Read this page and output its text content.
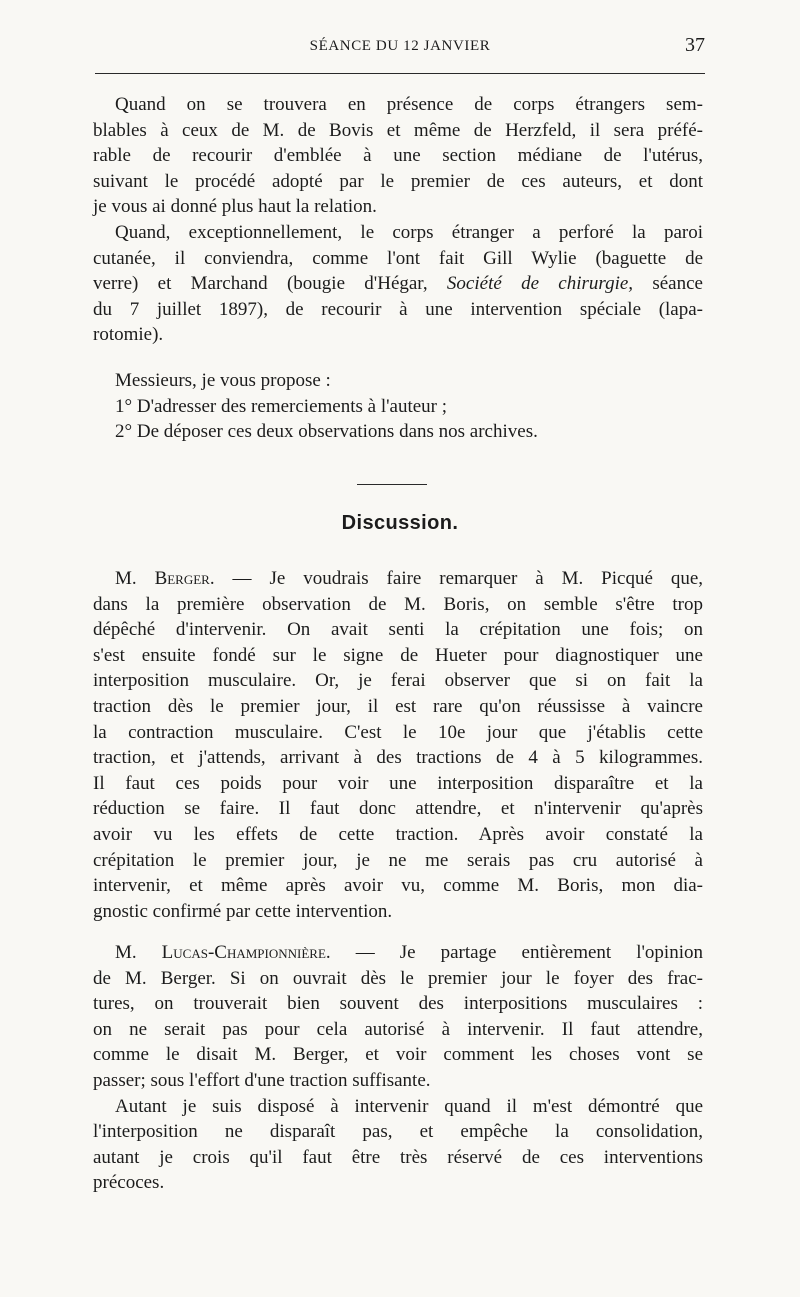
SÉANCE DU 12 JANVIER	37
Quand on se trouvera en présence de corps étrangers sem-
blables à ceux de M. de Bovis et même de Herzfeld, il sera préfé-
rable de recourir d'emblée à une section médiane de l'utérus,
suivant le procédé adopté par le premier de ces auteurs, et dont
je vous ai donné plus haut la relation.
Quand, exceptionnellement, le corps étranger a perforé la paroi
cutanée, il conviendra, comme l'ont fait Gill Wylie (baguette de
verre) et Marchand (bougie d'Hégar, Société de chirurgie, séance
du 7 juillet 1897), de recourir à une intervention spéciale (lapa-
rotomie).
Messieurs, je vous propose :
1° D'adresser des remerciements à l'auteur ;
2° De déposer ces deux observations dans nos archives.
Discussion.
M. Berger. — Je voudrais faire remarquer à M. Picqué que,
dans la première observation de M. Boris, on semble s'être trop
dépêché d'intervenir. On avait senti la crépitation une fois; on
s'est ensuite fondé sur le signe de Hueter pour diagnostiquer une
interposition musculaire. Or, je ferai observer que si on fait la
traction dès le premier jour, il est rare qu'on réussisse à vaincre
la contraction musculaire. C'est le 10e jour que j'établis cette
traction, et j'attends, arrivant à des tractions de 4 à 5 kilogrammes.
Il faut ces poids pour voir une interposition disparaître et la
réduction se faire. Il faut donc attendre, et n'intervenir qu'après
avoir vu les effets de cette traction. Après avoir constaté la
crépitation le premier jour, je ne me serais pas cru autorisé à
intervenir, et même après avoir vu, comme M. Boris, mon dia-
gnostic confirmé par cette intervention.
M. Lucas-Championnière. — Je partage entièrement l'opinion
de M. Berger. Si on ouvrait dès le premier jour le foyer des frac-
tures, on trouverait bien souvent des interpositions musculaires :
on ne serait pas pour cela autorisé à intervenir. Il faut attendre,
comme le disait M. Berger, et voir comment les choses vont se
passer; sous l'effort d'une traction suffisante.
Autant je suis disposé à intervenir quand il m'est démontré que
l'interposition ne disparaît pas, et empêche la consolidation,
autant je crois qu'il faut être très réservé de ces interventions
précoces.
